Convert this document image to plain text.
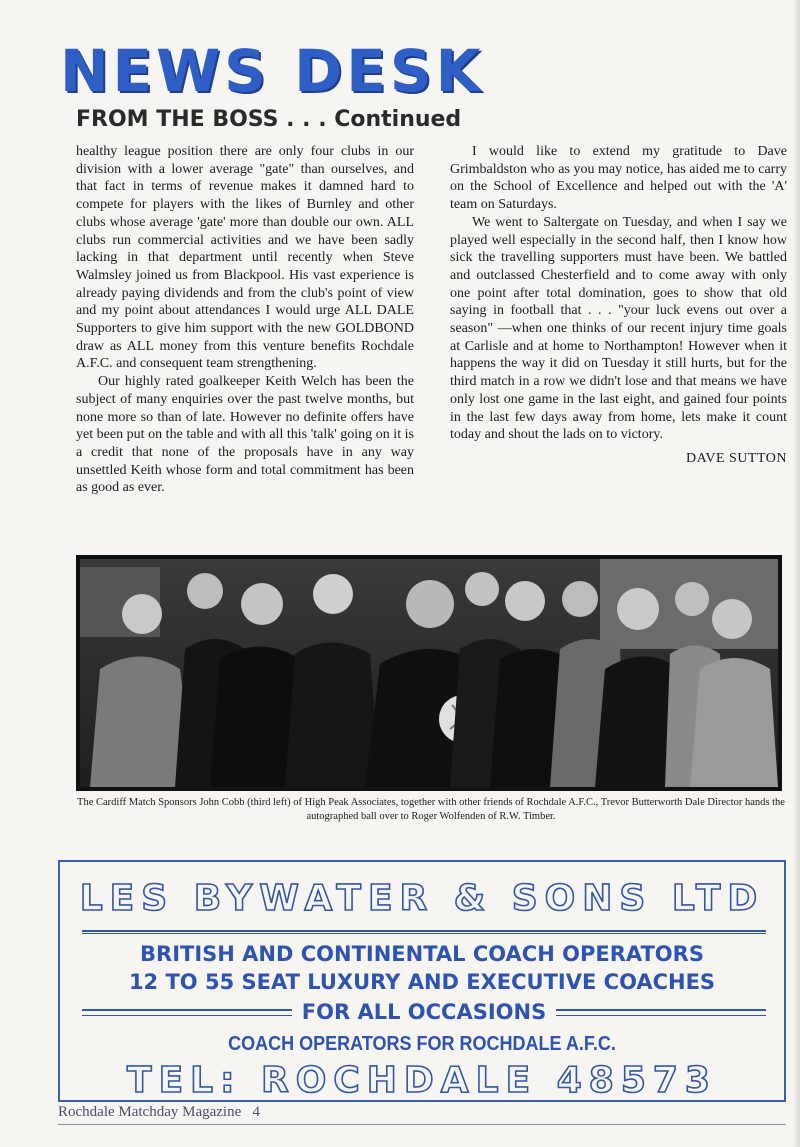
NEWS DESK
FROM THE BOSS . . . Continued

healthy league position there are only four clubs in our division with a lower average "gate" than ourselves, and that fact in terms of revenue makes it damned hard to compete for players with the likes of Burnley and other clubs whose average 'gate' more than double our own. ALL clubs run commercial activities and we have been sadly lacking in that department until recently when Steve Walmsley joined us from Blackpool. His vast experience is already paying dividends and from the club's point of view and my point about attendances I would urge ALL DALE Supporters to give him support with the new GOLDBOND draw as ALL money from this venture benefits Rochdale A.F.C. and consequent team strengthening.

Our highly rated goalkeeper Keith Welch has been the subject of many enquiries over the past twelve months, but none more so than of late. However no definite offers have yet been put on the table and with all this 'talk' going on it is a credit that none of the proposals have in any way unsettled Keith whose form and total commitment has been as good as ever.

I would like to extend my gratitude to Dave Grimbaldston who as you may notice, has aided me to carry on the School of Excellence and helped out with the 'A' team on Saturdays.

We went to Saltergate on Tuesday, and when I say we played well especially in the second half, then I know how sick the travelling supporters must have been. We battled and outclassed Chesterfield and to come away with only one point after total domination, goes to show that old saying in football that . . . "your luck evens out over a season" —when one thinks of our recent injury time goals at Carlisle and at home to Northampton! However when it happens the way it did on Tuesday it still hurts, but for the third match in a row we didn't lose and that means we have only lost one game in the last eight, and gained four points in the last few days away from home, lets make it count today and shout the lads on to victory.

DAVE SUTTON

The Cardiff Match Sponsors John Cobb (third left) of High Peak Associates, together with other friends of Rochdale A.F.C., Trevor Butterworth Dale Director hands the autographed ball over to Roger Wolfenden of R.W. Timber.

LES BYWATER & SONS LTD

BRITISH AND CONTINENTAL COACH OPERATORS

12 TO 55 SEAT LUXURY AND EXECUTIVE COACHES

FOR ALL OCCASIONS

COACH OPERATORS FOR ROCHDALE A.F.C.

TEL: ROCHDALE 48573

Rochdale Matchday Magazine   4
